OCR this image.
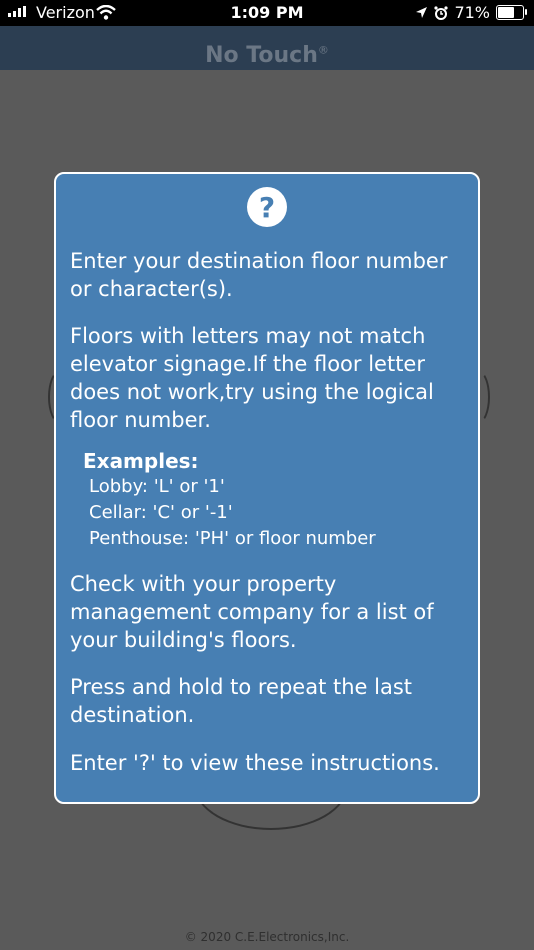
Verizon	1:09 PM	71%
No Touch®
?

Enter your destination floor number or character(s).

Floors with letters may not match elevator signage.If the floor letter does not work,try using the logical floor number.

Examples:
Lobby: 'L' or '1'
Cellar: 'C' or '-1'
Penthouse: 'PH' or floor number

Check with your property management company for a list of your building's floors.

Press and hold to repeat the last destination.

Enter '?' to view these instructions.

© 2020 C.E.Electronics,Inc.
